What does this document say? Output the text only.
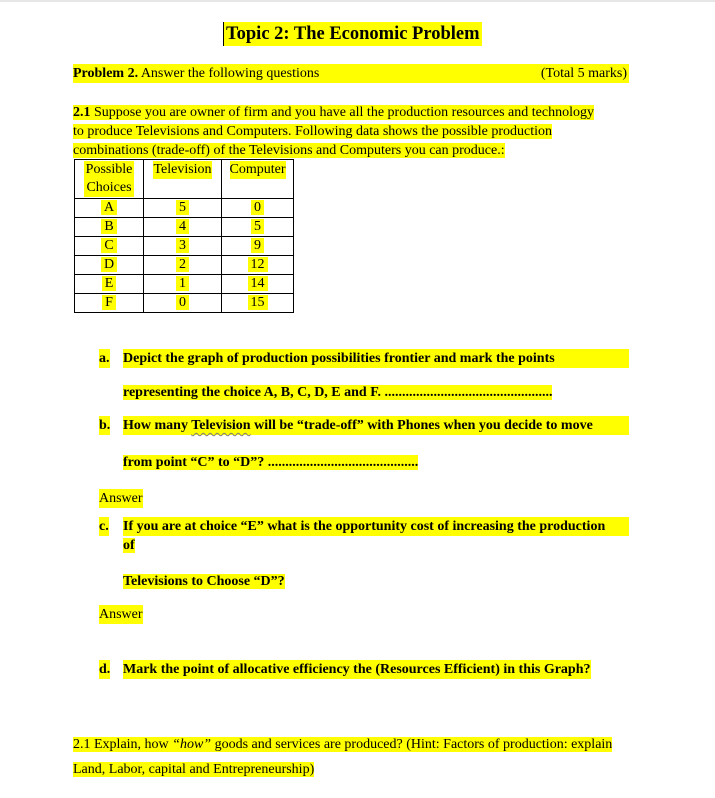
Topic 2: The Economic Problem
Problem 2. Answer the following questions	(Total 5 marks)

2.1 Suppose you are owner of firm and you have all the production resources and technology

to produce Televisions and Computers. Following data shows the possible production

combinations (trade-off) of the Televisions and Computers you can produce.:

Possible Choices	Television	Computer
A	5	0
B	4	5
C	3	9
D	2	12
E	1	14
F	0	15
a. Depict the graph of production possibilities frontier and mark the points
representing the choice A, B, C, D, E and F. ................................................
b. How many Television will be “trade-off” with Phones when you decide to move
from point “C” to “D”? ...........................................
Answer
c. If you are at choice “E” what is the opportunity cost of increasing the production
of
Televisions to Choose “D”?
Answer
d. Mark the point of allocative efficiency the (Resources Efficient) in this Graph?
2.1 Explain, how “how” goods and services are produced? (Hint: Factors of production: explain
Land, Labor, capital and Entrepreneurship)
